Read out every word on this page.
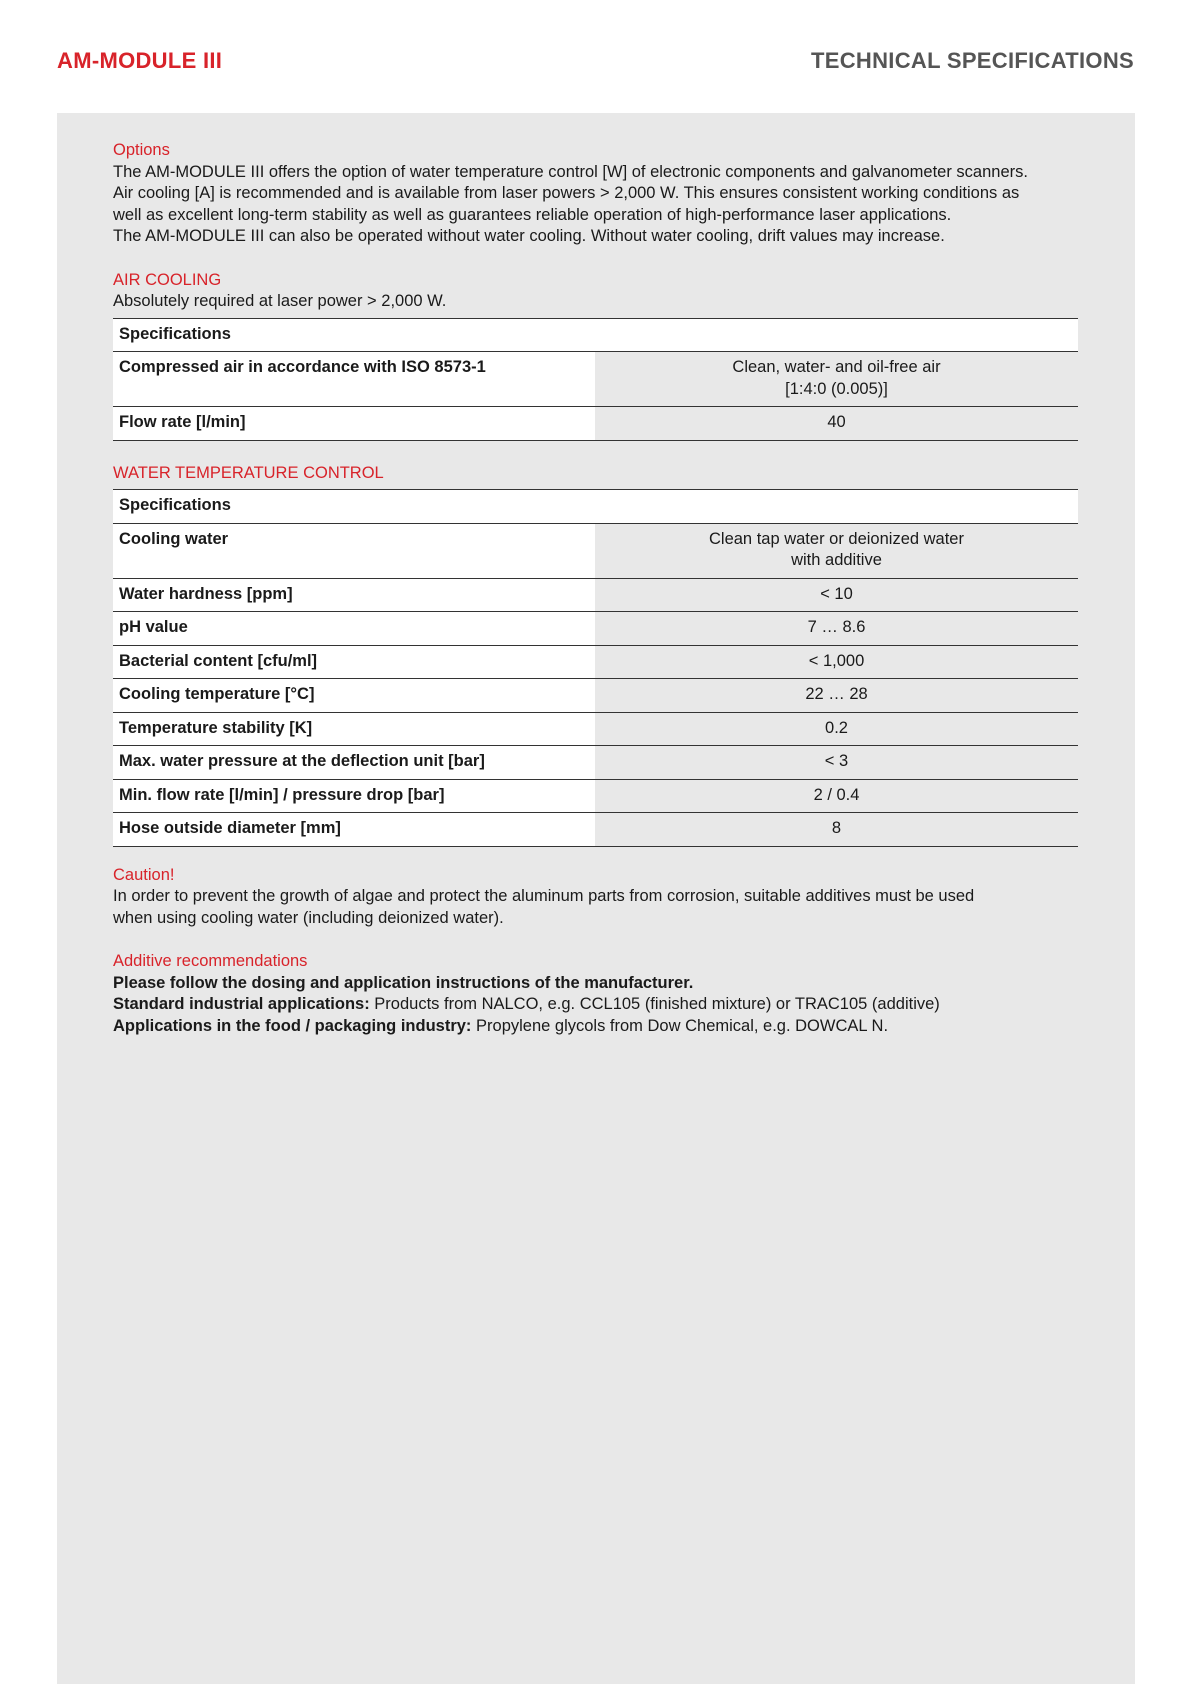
AM-MODULE III	TECHNICAL SPECIFICATIONS
Options

The AM-MODULE III offers the option of water temperature control [W] of electronic components and galvanometer scanners.

Air cooling [A] is recommended and is available from laser powers > 2,000 W. This ensures consistent working conditions as

well as excellent long-term stability as well as guarantees reliable operation of high-performance laser applications.

The AM-MODULE III can also be operated without water cooling. Without water cooling, drift values may increase.

AIR COOLING

Absolutely required at laser power > 2,000 W.

Specifications	
Compressed air in accordance with ISO 8573-1	Clean, water- and oil-free air
[1:4:0 (0.005)]

Flow rate [l/min]	40
WATER TEMPERATURE CONTROL
Specifications	
Cooling water	Clean tap water or deionized water
with additive

Water hardness [ppm]	< 10
pH value	7 … 8.6
Bacterial content [cfu/ml]	< 1,000
Cooling temperature [°C]	22 … 28
Temperature stability [K]	0.2
Max. water pressure at the deflection unit [bar]	< 3
Min. flow rate [l/min] / pressure drop [bar]	2 / 0.4
Hose outside diameter [mm]	8
Caution!

In order to prevent the growth of algae and protect the aluminum parts from corrosion, suitable additives must be used

when using cooling water (including deionized water).

Additive recommendations

Please follow the dosing and application instructions of the manufacturer.

Standard industrial applications: Products from NALCO, e.g. CCL105 (finished mixture) or TRAC105 (additive)

Applications in the food / packaging industry: Propylene glycols from Dow Chemical, e.g. DOWCAL N.
